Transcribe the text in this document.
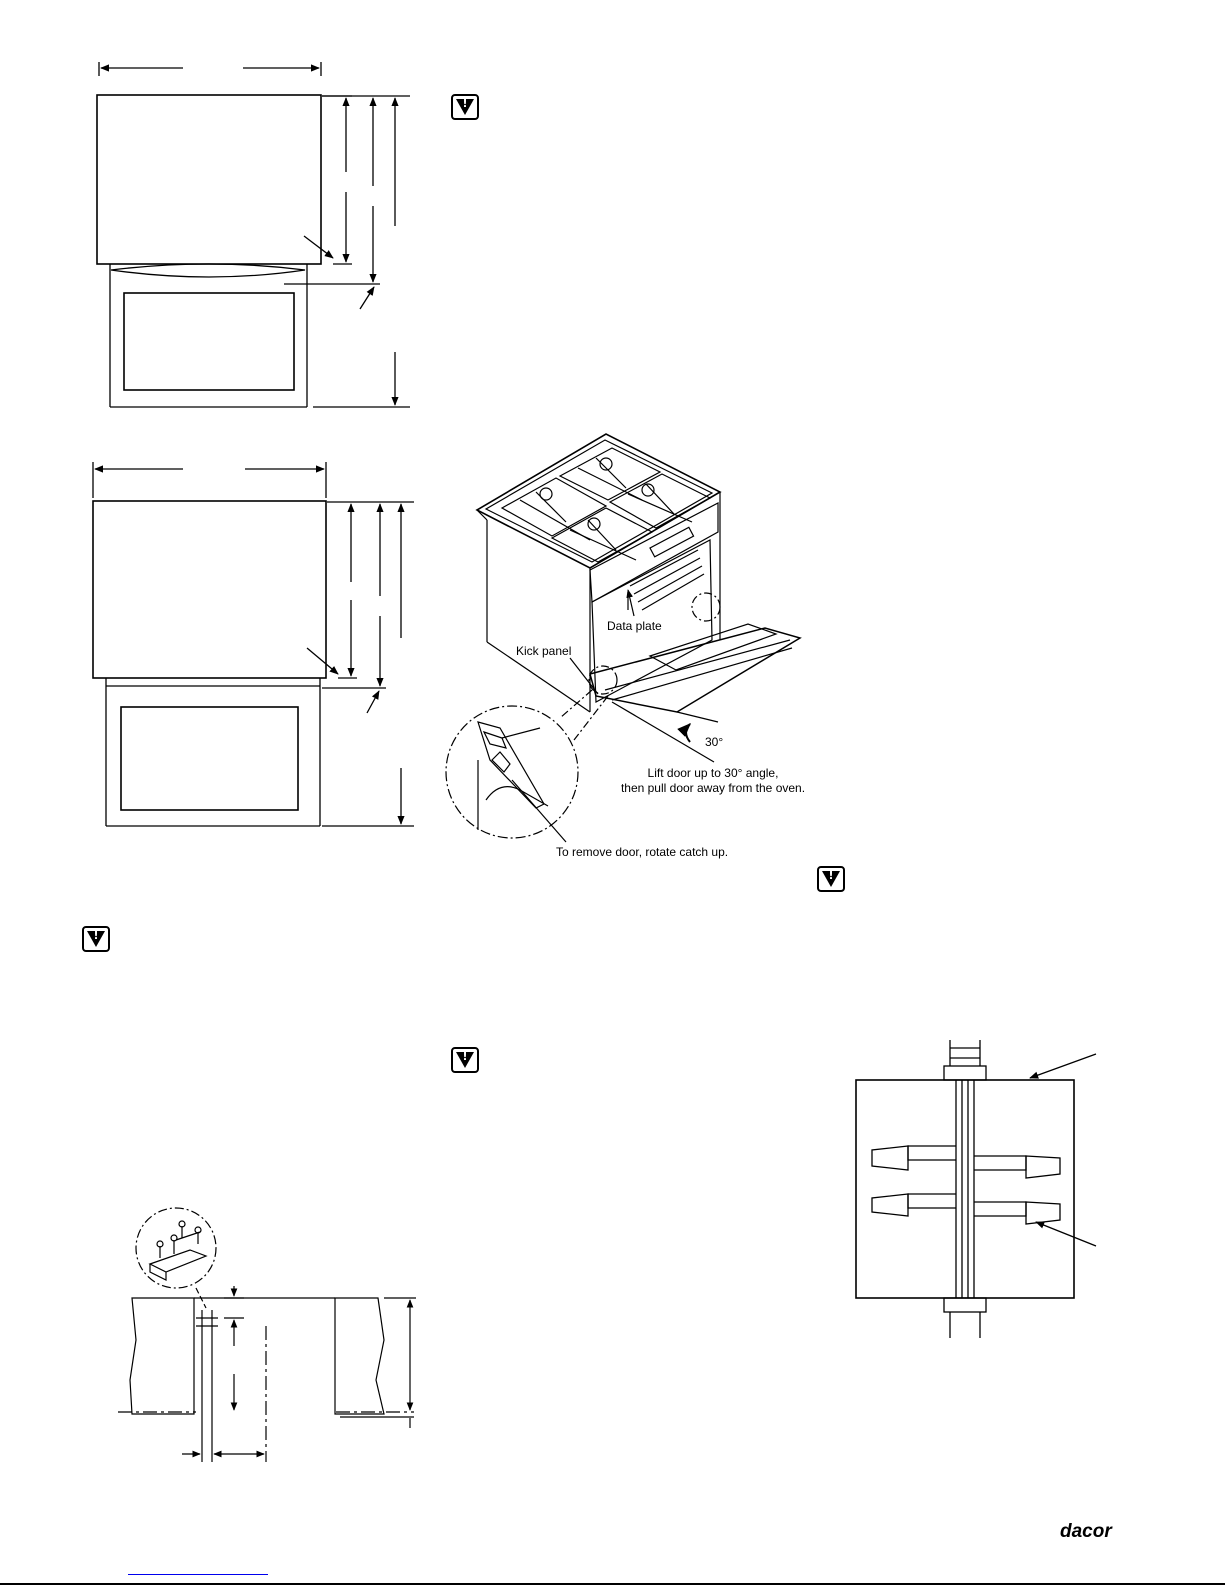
!
!
!
!
Data plate
Kick panel
30°
Lift door up to 30° angle,
then pull door away from the oven.
To remove door, rotate catch up.
dacor
